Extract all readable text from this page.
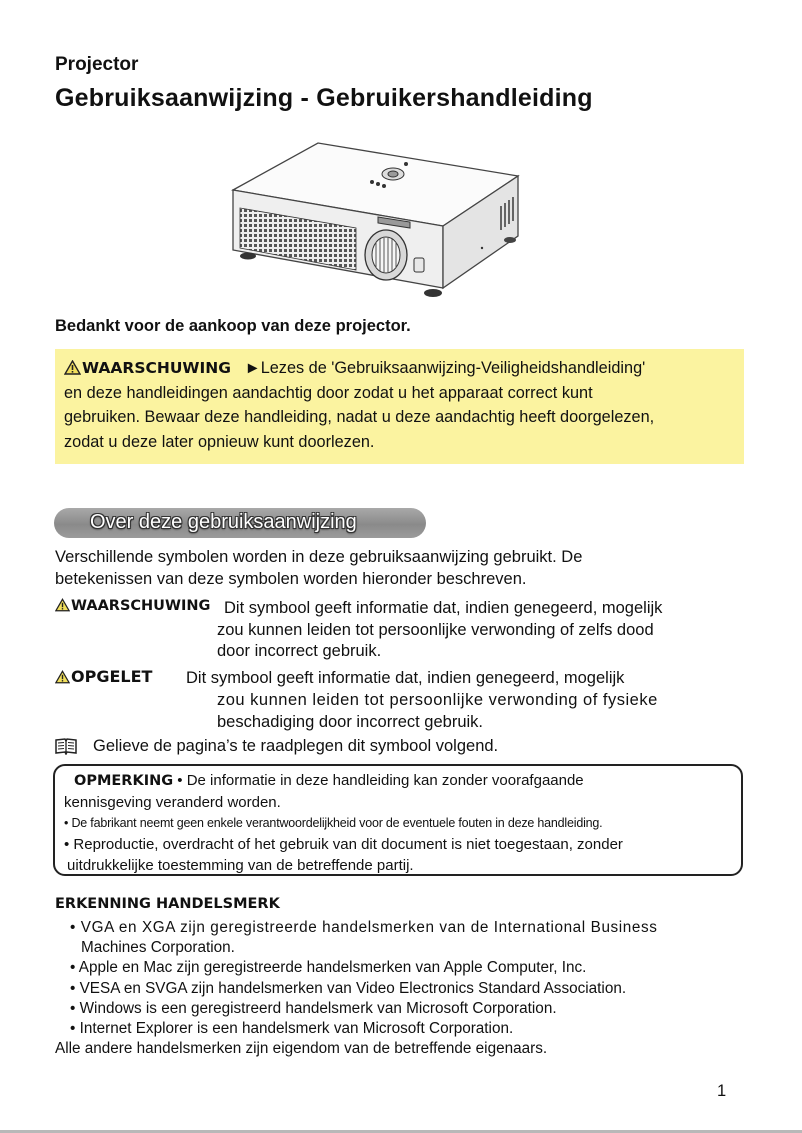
Projector
Gebruiksaanwijzing - Gebruikershandleiding
Bedankt voor de aankoop van deze projector.
WAARSCHUWING ►Lezes de 'Gebruiksaanwijzing-Veiligheidshandleiding'
en deze handleidingen aandachtig door zodat u het apparaat correct kunt
gebruiken. Bewaar deze handleiding, nadat u deze aandachtig heeft doorgelezen,
zodat u deze later opnieuw kunt doorlezen.
Over deze gebruiksaanwijzing
Verschillende symbolen worden in deze gebruiksaanwijzing gebruikt. De
betekenissen van deze symbolen worden hieronder beschreven.
WAARSCHUWING Dit symbool geeft informatie dat, indien genegeerd, mogelijk
zou kunnen leiden tot persoonlijke verwonding of zelfs dood
door incorrect gebruik.
OPGELET Dit symbool geeft informatie dat, indien genegeerd, mogelijk
zou kunnen leiden tot persoonlijke verwonding of fysieke
beschadiging door incorrect gebruik.
Gelieve de pagina’s te raadplegen dit symbool volgend.
OPMERKING • De informatie in deze handleiding kan zonder voorafgaande
kennisgeving veranderd worden.
• De fabrikant neemt geen enkele verantwoordelijkheid voor de eventuele fouten in deze handleiding.
• Reproductie, overdracht of het gebruik van dit document is niet toegestaan, zonder
uitdrukkelijke toestemming van de betreffende partij.
ERKENNING HANDELSMERK
• VGA en XGA zijn geregistreerde handelsmerken van de International Business
Machines Corporation.
• Apple en Mac zijn geregistreerde handelsmerken van Apple Computer, Inc.
• VESA en SVGA zijn handelsmerken van Video Electronics Standard Association.
• Windows is een geregistreerd handelsmerk van Microsoft Corporation.
• Internet Explorer is een handelsmerk van Microsoft Corporation.
Alle andere handelsmerken zijn eigendom van de betreffende eigenaars.
1
